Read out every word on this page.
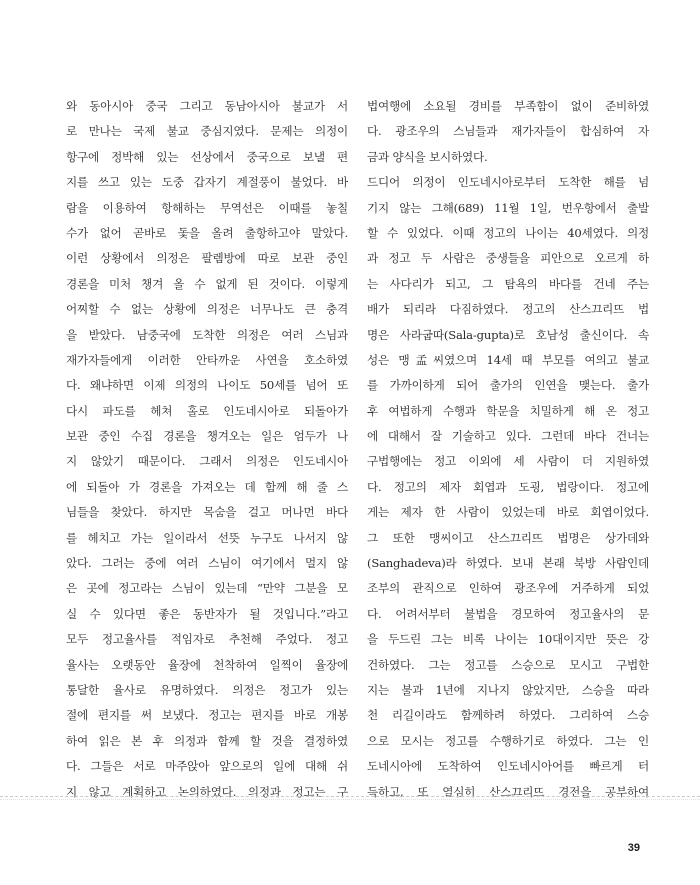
와 동아시아 중국 그리고 동남아시아 불교가 서
로 만나는 국제 불교 중심지였다. 문제는 의정이
항구에 정박해 있는 선상에서 중국으로 보낼 편
지를 쓰고 있는 도중 갑자기 계절풍이 불었다. 바
람을 이용하여 항해하는 무역선은 이때를 놓칠
수가 없어 곧바로 돛을 올려 출항하고야 말았다.
이런 상황에서 의정은 팔렘방에 따로 보관 중인
경론을 미처 챙겨 올 수 없게 된 것이다. 이렇게
어찌할 수 없는 상황에 의정은 너무나도 큰 충격
을 받았다. 남중국에 도착한 의정은 여러 스님과
재가자들에게 이러한 안타까운 사연을 호소하였
다. 왜냐하면 이제 의정의 나이도 50세를 넘어 또
다시 파도를 헤쳐 홀로 인도네시아로 되돌아가
보관 중인 수집 경론을 챙겨오는 일은 엄두가 나
지 않았기 때문이다. 그래서 의정은 인도네시아
에 되돌아 가 경론을 가져오는 데 함께 해 줄 스
님들을 찾았다. 하지만 목숨을 걸고 머나먼 바다
를 헤치고 가는 일이라서 선뜻 누구도 나서지 않
았다. 그러는 중에 여러 스님이 여기에서 멀지 않
은 곳에 정고라는 스님이 있는데 “만약 그분을 모
실 수 있다면 좋은 동반자가 될 것입니다.”라고
모두 정고율사를 적임자로 추천해 주었다. 정고
율사는 오랫동안 율장에 천착하여 일찍이 율장에
통달한 율사로 유명하였다. 의정은 정고가 있는
절에 편지를 써 보냈다. 정고는 편지를 바로 개봉
하여 읽은 본 후 의정과 함께 할 것을 결정하였
다. 그들은 서로 마주앉아 앞으로의 일에 대해 쉬
지 않고 계획하고 논의하였다. 의정과 정고는 구
법여행에 소요될 경비를 부족함이 없이 준비하였
다. 광조우의 스님들과 재가자들이 합심하여 자
금과 양식을 보시하였다.
드디어 의정이 인도네시아로부터 도착한 해를 넘
기지 않는 그해(689) 11월 1일, 번우항에서 출발
할 수 있었다. 이때 정고의 나이는 40세였다. 의정
과 정고 두 사람은 중생들을 피안으로 오르게 하
는 사다리가 되고, 그 탐욕의 바다를 건네 주는
배가 되리라 다짐하였다. 정고의 산스끄리뜨 법
명은 사라굽따(Sala-gupta)로 호남성 출신이다. 속
성은 맹孟씨였으며 14세 때 부모를 여의고 불교
를 가까이하게 되어 출가의 인연을 맺는다. 출가
후 여법하게 수행과 학문을 치밀하게 해 온 정고
에 대해서 잘 기술하고 있다. 그런데 바다 건너는
구법행에는 정고 이외에 세 사람이 더 지원하였
다. 정고의 제자 회엽과 도굉, 법랑이다. 정고에
게는 제자 한 사람이 있었는데 바로 회엽이었다.
그 또한 맹씨이고 산스끄리뜨 법명은 상가데와
(Sanghadeva)라 하였다. 보내 본래 북방 사람인데
조부의 관직으로 인하여 광조우에 거주하게 되었
다. 어려서부터 불법을 경모하여 정고율사의 문
을 두드린 그는 비록 나이는 10대이지만 뜻은 강
건하였다. 그는 정고를 스승으로 모시고 구법한
지는 불과 1년에 지나지 않았지만, 스승을 따라
천 리길이라도 함께하려 하였다. 그리하여 스승
으로 모시는 정고를 수행하기로 하였다. 그는 인
도네시아에 도착하여 인도네시아어를 빠르게 터
득하고, 또 열심히 산스끄리뜨 경전을 공부하여
39
